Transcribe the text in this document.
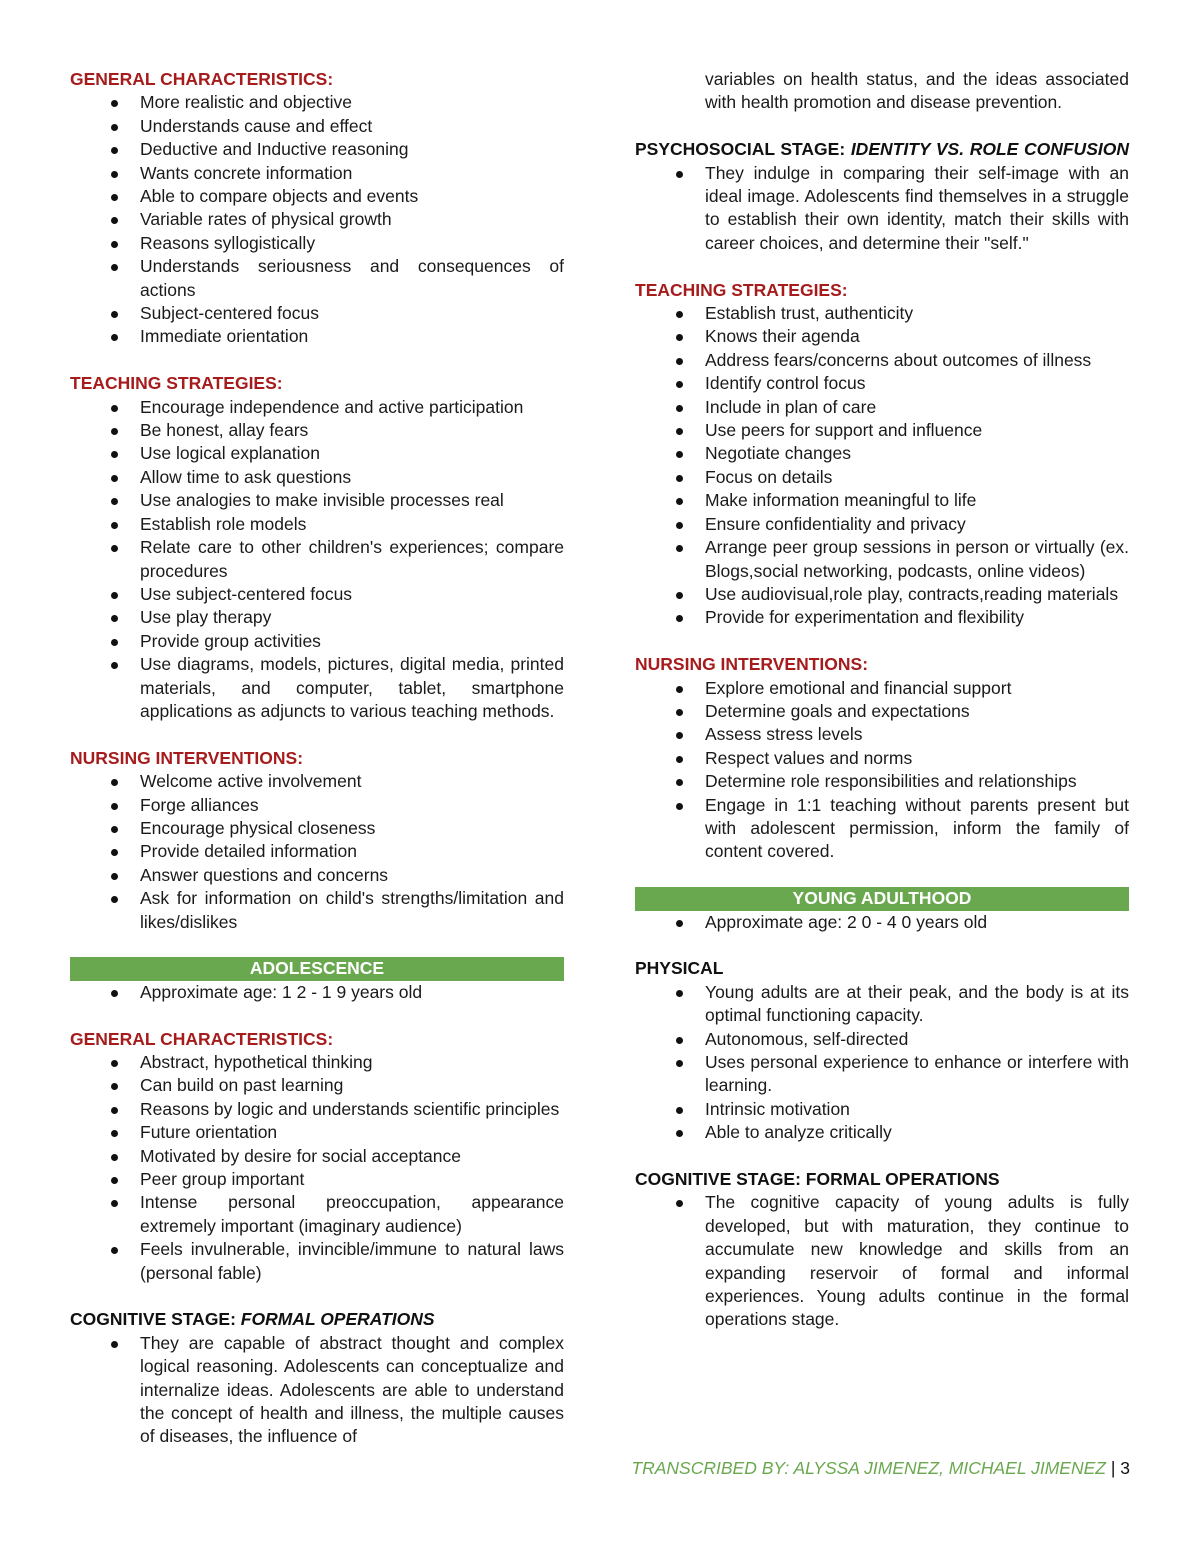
GENERAL CHARACTERISTICS:

More realistic and objective
Understands cause and effect
Deductive and Inductive reasoning
Wants concrete information
Able to compare objects and events
Variable rates of physical growth
Reasons syllogistically
Understands seriousness and consequences of actions
Subject-centered focus
Immediate orientation

TEACHING STRATEGIES:

Encourage independence and active participation
Be honest, allay fears
Use logical explanation
Allow time to ask questions
Use analogies to make invisible processes real
Establish role models
Relate care to other children's experiences; compare procedures
Use subject-centered focus
Use play therapy
Provide group activities
Use diagrams, models, pictures, digital media, printed materials, and computer, tablet, smartphone applications as adjuncts to various teaching methods.

NURSING INTERVENTIONS:

Welcome active involvement
Forge alliances
Encourage physical closeness
Provide detailed information
Answer questions and concerns
Ask for information on child's strengths/limitation and likes/dislikes
ADOLESCENCE
Approximate age: 1 2 - 1 9 years old

GENERAL CHARACTERISTICS:

Abstract, hypothetical thinking
Can build on past learning
Reasons by logic and understands scientific principles
Future orientation
Motivated by desire for social acceptance
Peer group important
Intense personal preoccupation, appearance extremely important (imaginary audience)
Feels invulnerable, invincible/immune to natural laws (personal fable)

COGNITIVE STAGE: FORMAL OPERATIONS

They are capable of abstract thought and complex logical reasoning. Adolescents can conceptualize and internalize ideas. Adolescents are able to understand the concept of health and illness, the multiple causes of diseases, the influence of

variables on health status, and the ideas associated with health promotion and disease prevention.

PSYCHOSOCIAL STAGE: IDENTITY VS. ROLE CONFUSION

They indulge in comparing their self-image with an ideal image. Adolescents find themselves in a struggle to establish their own identity, match their skills with career choices, and determine their "self."

TEACHING STRATEGIES:

Establish trust, authenticity
Knows their agenda
Address fears/concerns about outcomes of illness
Identify control focus
Include in plan of care
Use peers for support and influence
Negotiate changes
Focus on details
Make information meaningful to life
Ensure confidentiality and privacy
Arrange peer group sessions in person or virtually (ex. Blogs,social networking, podcasts, online videos)
Use audiovisual,role play, contracts,reading materials
Provide for experimentation and flexibility

NURSING INTERVENTIONS:

Explore emotional and financial support
Determine goals and expectations
Assess stress levels
Respect values and norms
Determine role responsibilities and relationships
Engage in 1:1 teaching without parents present but with adolescent permission, inform the family of content covered.
YOUNG ADULTHOOD
Approximate age: 2 0 - 4 0 years old

PHYSICAL

Young adults are at their peak, and the body is at its optimal functioning capacity.
Autonomous, self-directed
Uses personal experience to enhance or interfere with learning.
Intrinsic motivation
Able to analyze critically

COGNITIVE STAGE: FORMAL OPERATIONS

The cognitive capacity of young adults is fully developed, but with maturation, they continue to accumulate new knowledge and skills from an expanding reservoir of formal and informal experiences. Young adults continue in the formal operations stage.
TRANSCRIBED BY: ALYSSA JIMENEZ, MICHAEL JIMENEZ | 3
